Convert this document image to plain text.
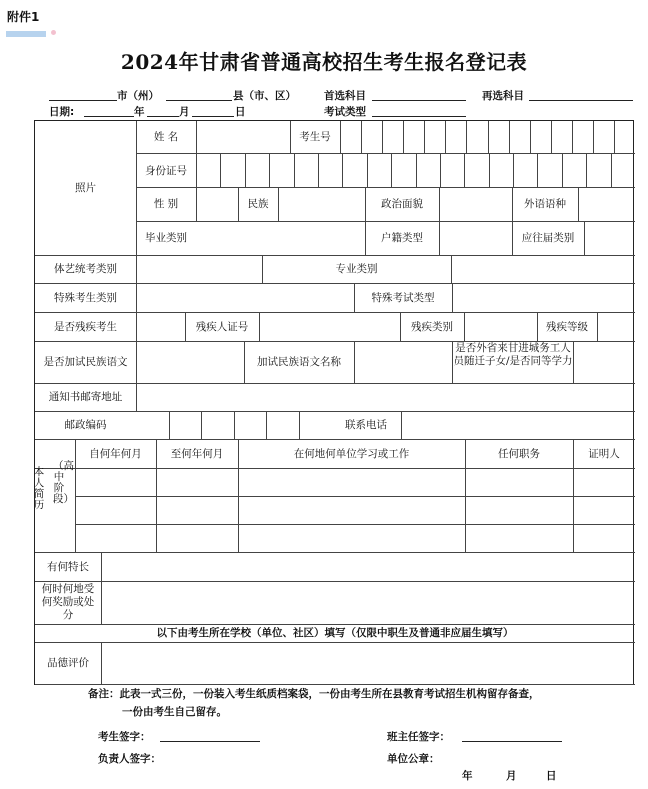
附件1
2024年甘肃省普通高校招生考生报名登记表
市（州）	县（市、区）	首选科目	再选科目
日期:	年	月	日	考试类型
照片
姓 名	考生号
身份证号
性 别	民族	政治面貌	外语语种
毕业类别	户籍类型	应往届类别
体艺统考类别	专业类别
特殊考生类别	特殊考试类型
是否残疾考生	残疾人证号	残疾类别	残疾等级
是否加试民族语文	加试民族语文名称
是否外省来甘进城务工人员随迁子女/是否同等学力
通知书邮寄地址
邮政编码	联系电话
本人简历
（高中阶段）
自何年何月	至何年何月	在何地何单位学习或工作	任何职务	证明人
有何特长
何时何地受何奖励或处分
以下由考生所在学校（单位、社区）填写（仅限中职生及普通非应届生填写）
品德评价
备注：此表一式三份，一份装入考生纸质档案袋，一份由考生所在县教育考试招生机构留存备查，
一份由考生自己留存。
考生签字：	班主任签字：
负责人签字：	单位公章：
年	月	日
